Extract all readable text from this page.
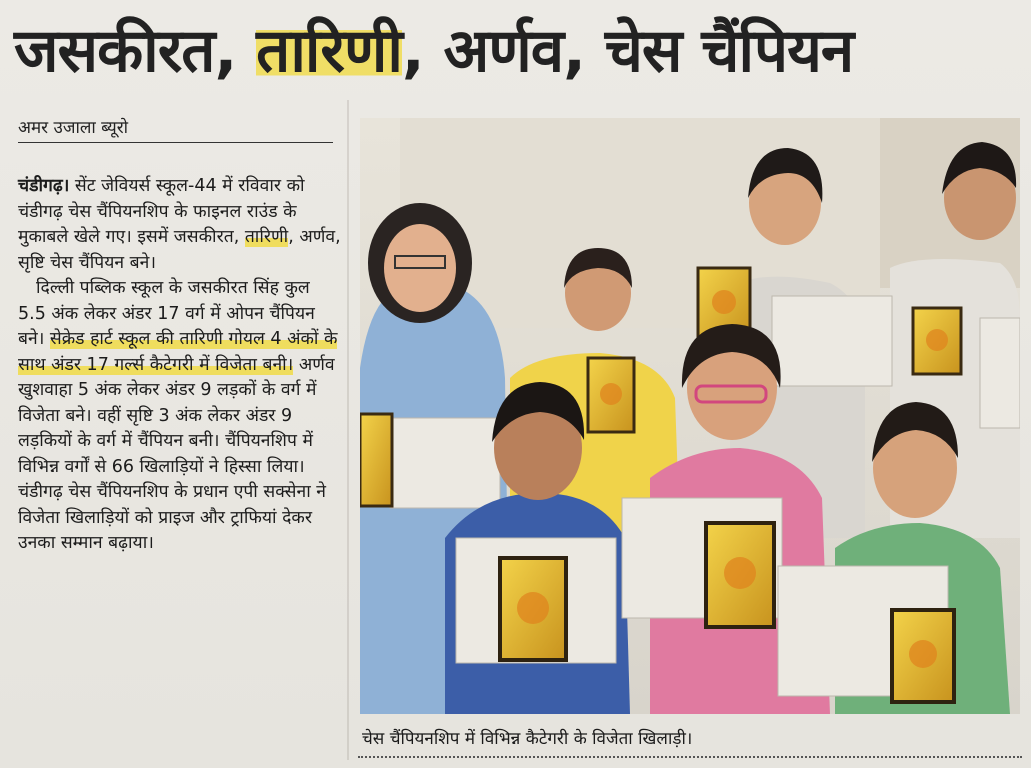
जसकीरत, तारिणी, अर्णव, चेस चैंपियन
अमर उजाला ब्यूरो

चंडीगढ़। सेंट जेवियर्स स्कूल-44 में रविवार को चंडीगढ़ चेस चैंपियनशिप के फाइनल राउंड के मुकाबले खेले गए। इसमें जसकीरत, तारिणी, अर्णव, सृष्टि चेस चैंपियन बने।

दिल्ली पब्लिक स्कूल के जसकीरत सिंह कुल 5.5 अंक लेकर अंडर 17 वर्ग में ओपन चैंपियन बने। सेक्रेड हार्ट स्कूल की तारिणी गोयल 4 अंकों के साथ अंडर 17 गर्ल्स कैटेगरी में विजेता बनी। अर्णव खुशवाहा 5 अंक लेकर अंडर 9 लड़कों के वर्ग में विजेता बने। वहीं सृष्टि 3 अंक लेकर अंडर 9 लड़कियों के वर्ग में चैंपियन बनी। चैंपियनशिप में विभिन्न वर्गों से 66 खिलाड़ियों ने हिस्सा लिया। चंडीगढ़ चेस चैंपियनशिप के प्रधान एपी सक्सेना ने विजेता खिलाड़ियों को प्राइज और ट्राफियां देकर उनका सम्मान बढ़ाया।

चेस चैंपियनशिप में विभिन्न कैटेगरी के विजेता खिलाड़ी।
